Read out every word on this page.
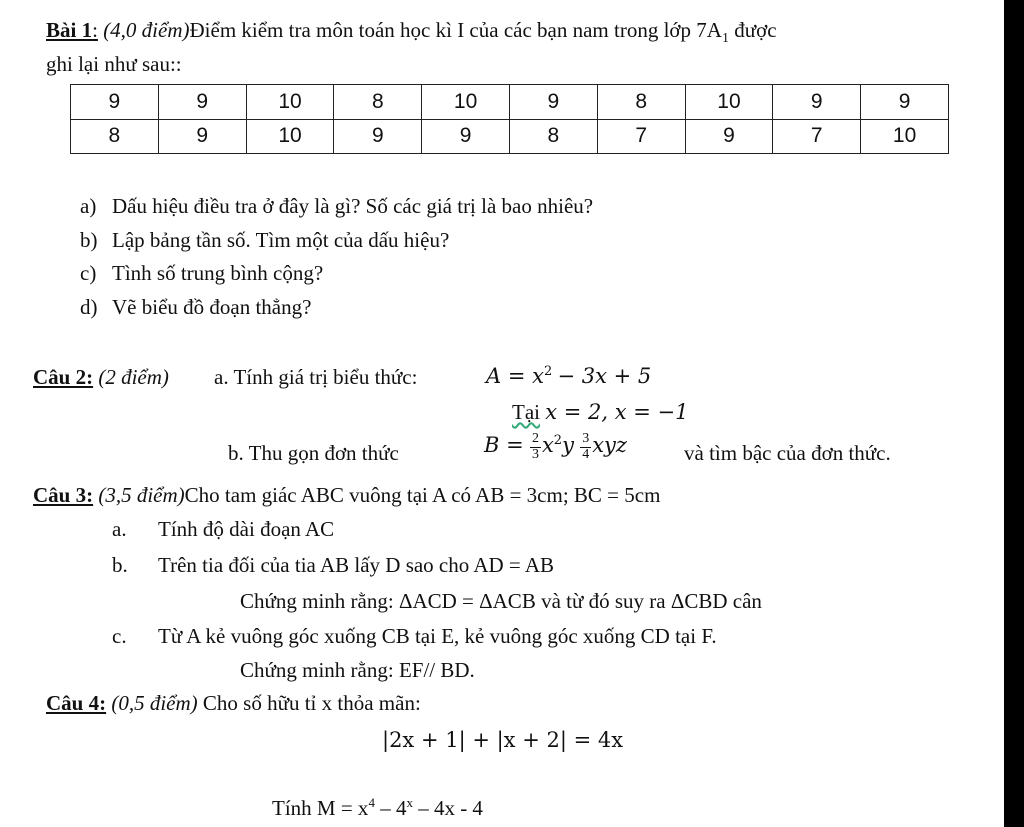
Bài 1: (4,0 điểm)Điểm kiểm tra môn toán học kì I của các bạn nam trong lớp $7A_1$ được
ghi lại như sau::
9	9	10	8	10	9	8	10	9	9
8	9	10	9	9	8	7	9	7	10
a) Dấu hiệu điều tra ở đây là gì? Số các giá trị là bao nhiêu?
b) Lập bảng tần số. Tìm một của dấu hiệu?
c) Tình số trung bình cộng?
d) Vẽ biểu đồ đoạn thẳng?
Câu 2: (2 điểm) a. Tính giá trị biểu thức:	$A = x^2 - 3x + 5$
Tại x = 2, x = −1
b. Thu gọn đơn thức	$B = \frac{2}{3} x^2y \frac{3}{4}$ xyz	và tìm bậc của đơn thức.
Câu 3: (3,5 điểm)Cho tam giác ABC vuông tại A có AB = 3cm; BC = 5cm
a. Tính độ dài đoạn AC
b. Trên tia đối của tia AB lấy D sao cho AD = AB
Chứng minh rằng: ΔACD = ΔACB và từ đó suy ra ΔCBD cân
c. Từ A kẻ vuông góc xuống CB tại E, kẻ vuông góc xuống CD tại F.
Chứng minh rằng: EF// BD.
Câu 4: (0,5 điểm) Cho số hữu tỉ x thỏa mãn:
|2x + 1| + |x + 2| = 4x
Tính $M = x^4 - 4^x - 4x - 4$
